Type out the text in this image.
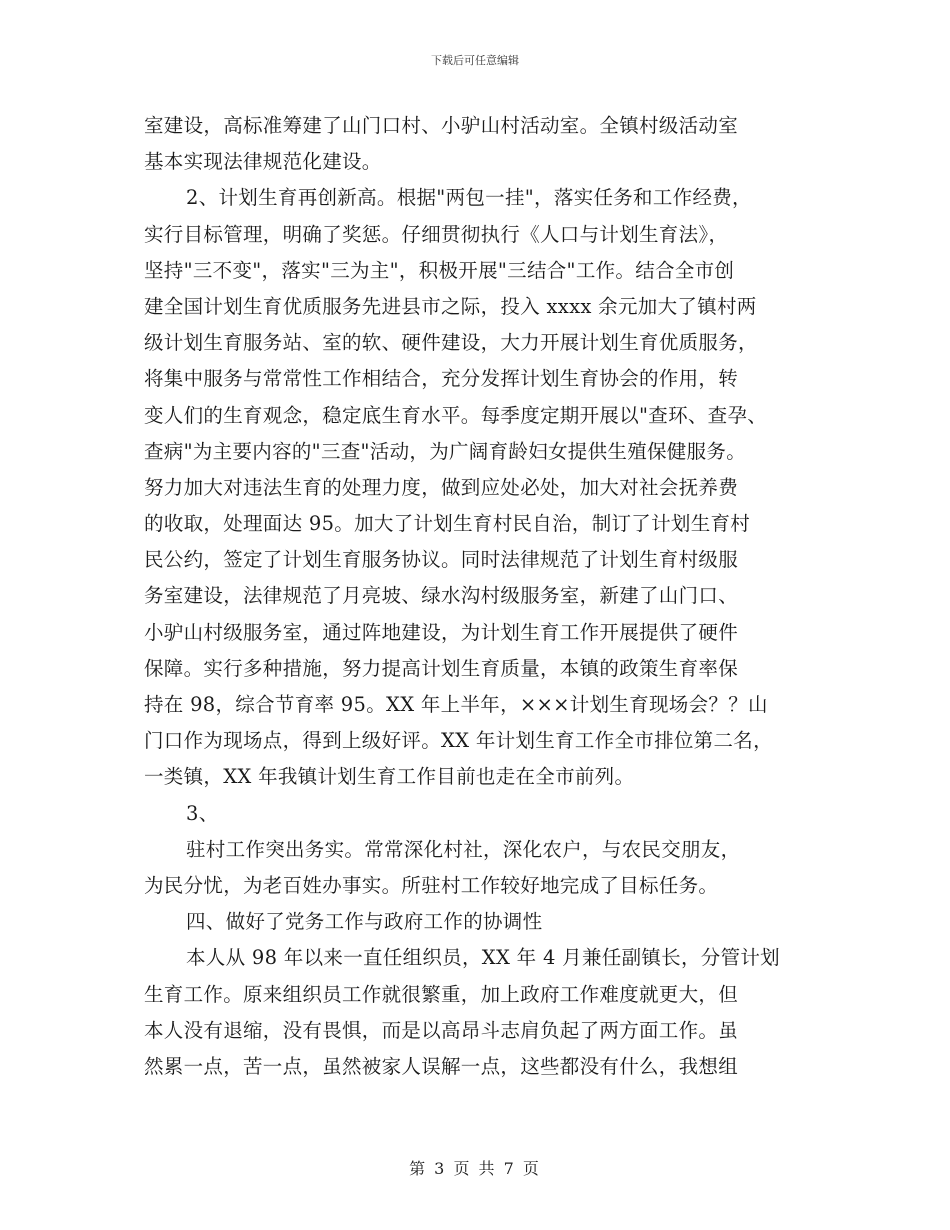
下载后可任意编辑
室建设，高标准筹建了山门口村、小驴山村活动室。全镇村级活动室
基本实现法律规范化建设。
2、计划生育再创新高。根据"两包一挂"，落实任务和工作经费，
实行目标管理，明确了奖惩。仔细贯彻执行《人口与计划生育法》，
坚持"三不变"，落实"三为主"，积极开展"三结合"工作。结合全市创
建全国计划生育优质服务先进县市之际，投入 xxxx 余元加大了镇村两
级计划生育服务站、室的软、硬件建设，大力开展计划生育优质服务，
将集中服务与常常性工作相结合，充分发挥计划生育协会的作用，转
变人们的生育观念，稳定底生育水平。每季度定期开展以"查环、查孕、
查病"为主要内容的"三查"活动，为广阔育龄妇女提供生殖保健服务。
努力加大对违法生育的处理力度，做到应处必处，加大对社会抚养费
的收取，处理面达 95。加大了计划生育村民自治，制订了计划生育村
民公约，签定了计划生育服务协议。同时法律规范了计划生育村级服
务室建设，法律规范了月亮坡、绿水沟村级服务室，新建了山门口、
小驴山村级服务室，通过阵地建设，为计划生育工作开展提供了硬件
保障。实行多种措施，努力提高计划生育质量，本镇的政策生育率保
持在 98，综合节育率 95。XX 年上半年，×××计划生育现场会？？山
门口作为现场点，得到上级好评。XX 年计划生育工作全市排位第二名，
一类镇，XX 年我镇计划生育工作目前也走在全市前列。
3、
驻村工作突出务实。常常深化村社，深化农户，与农民交朋友，
为民分忧，为老百姓办事实。所驻村工作较好地完成了目标任务。
四、做好了党务工作与政府工作的协调性
本人从 98 年以来一直任组织员，XX 年 4 月兼任副镇长，分管计划
生育工作。原来组织员工作就很繁重，加上政府工作难度就更大，但
本人没有退缩，没有畏惧，而是以高昂斗志肩负起了两方面工作。虽
然累一点，苦一点，虽然被家人误解一点，这些都没有什么，我想组
第 3 页 共 7 页
